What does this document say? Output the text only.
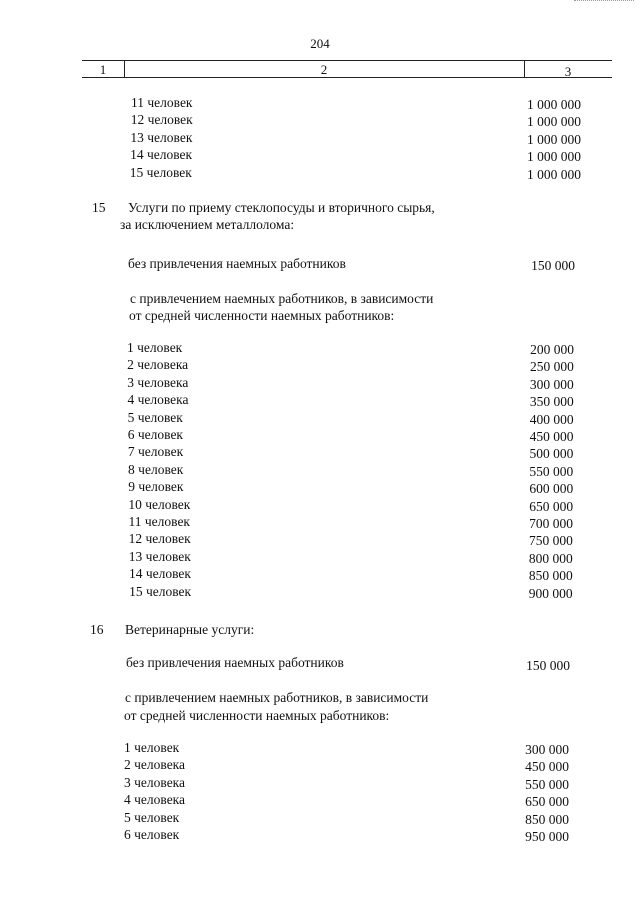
204
1	2	3
11 человек	1 000 000
12 человек	1 000 000
13 человек	1 000 000
14 человек	1 000 000
15 человек	1 000 000
15 Услуги по приему стеклопосуды и вторичного сырья,
за исключением металлолома:
без привлечения наемных работников	150 000
с привлечением наемных работников, в зависимости
от средней численности наемных работников:
1 человек	200 000
2 человека	250 000
3 человека	300 000
4 человека	350 000
5 человек	400 000
6 человек	450 000
7 человек	500 000
8 человек	550 000
9 человек	600 000
10 человек	650 000
11 человек	700 000
12 человек	750 000
13 человек	800 000
14 человек	850 000
15 человек	900 000
16 Ветеринарные услуги:
без привлечения наемных работников	150 000
с привлечением наемных работников, в зависимости
от средней численности наемных работников:
1 человек	300 000
2 человека	450 000
3 человека	550 000
4 человека	650 000
5 человек	850 000
6 человек	950 000
